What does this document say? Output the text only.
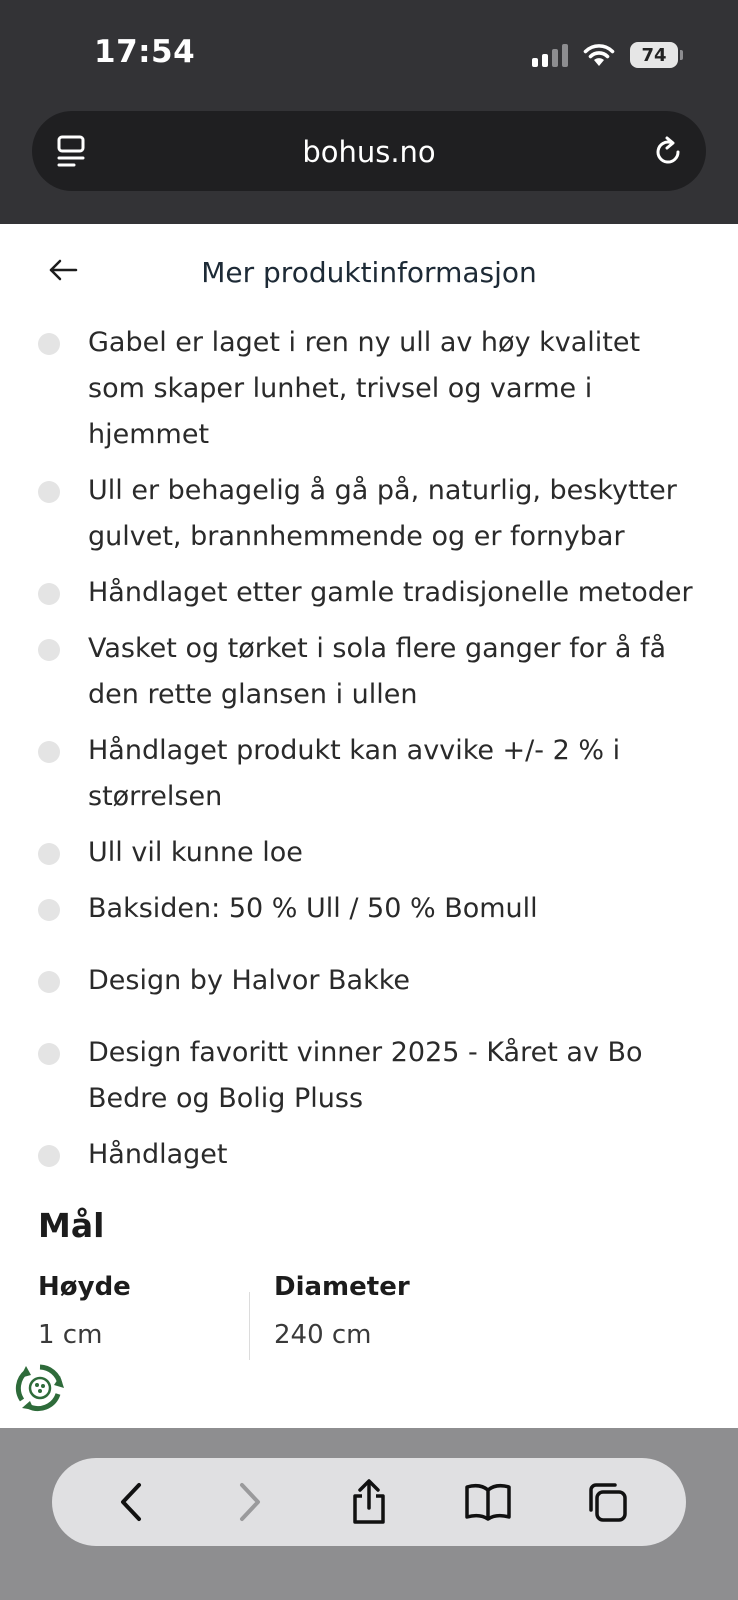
17:54	74
bohus.no
Mer produktinformasjon
Gabel er laget i ren ny ull av høy kvalitet som skaper lunhet, trivsel og varme i hjemmet
Ull er behagelig å gå på, naturlig, beskytter gulvet, brannhemmende og er fornybar
Håndlaget etter gamle tradisjonelle metoder
Vasket og tørket i sola flere ganger for å få den rette glansen i ullen
Håndlaget produkt kan avvike +/- 2 % i størrelsen
Ull vil kunne loe
Baksiden: 50 % Ull / 50 % Bomull
Design by Halvor Bakke
Design favoritt vinner 2025 - Kåret av Bo Bedre og Bolig Pluss
Håndlaget
Mål
Høyde
1 cm
Diameter
240 cm
